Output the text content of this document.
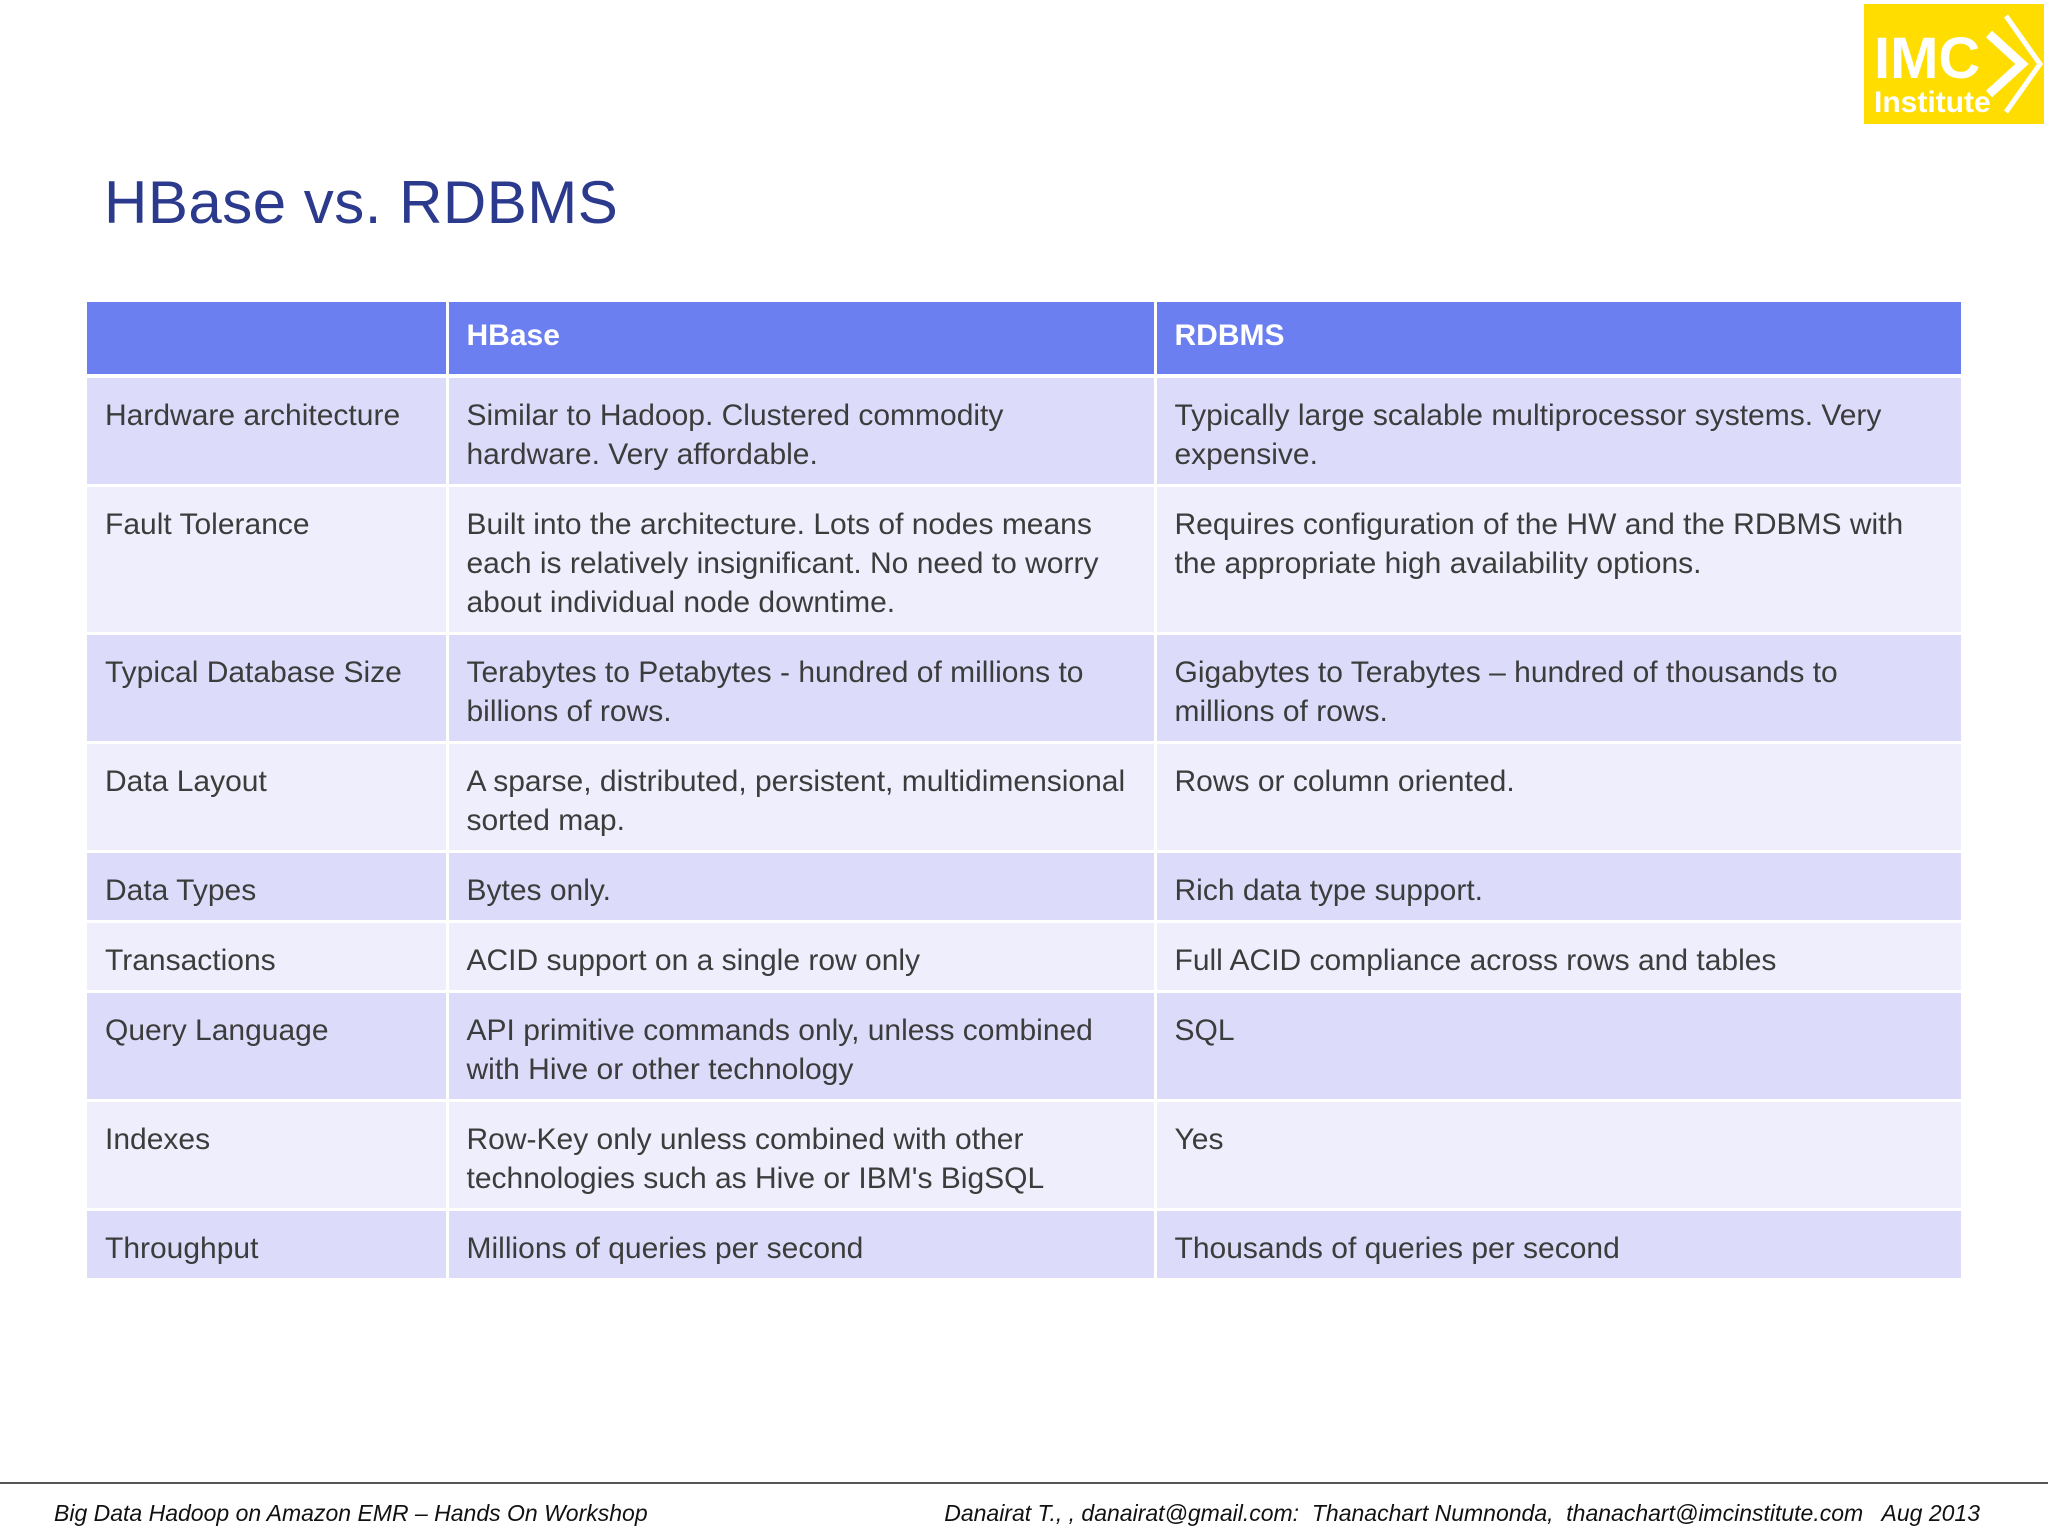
IMC
Institute
HBase vs. RDBMS
	HBase	RDBMS
Hardware architecture	Similar to Hadoop. Clustered commodity hardware. Very affordable.	Typically large scalable multiprocessor systems. Very expensive.
Fault Tolerance	Built into the architecture. Lots of nodes means each is relatively insignificant. No need to worry about individual node downtime.	Requires configuration of the HW and the RDBMS with the appropriate high availability options.
Typical Database Size	Terabytes to Petabytes - hundred of millions to billions of rows.	Gigabytes to Terabytes – hundred of thousands to millions of rows.
Data Layout	A sparse, distributed, persistent, multidimensional sorted map.	Rows or column oriented.
Data Types	Bytes only.	Rich data type support.
Transactions	ACID support on a single row only	Full ACID compliance across rows and tables
Query Language	API primitive commands only, unless combined with Hive or other technology	SQL
Indexes	Row-Key only unless combined with other technologies such as Hive or IBM's BigSQL	Yes
Throughput	Millions of queries per second	Thousands of queries per second
Big Data Hadoop on Amazon EMR – Hands On Workshop	Danairat T., , danairat@gmail.com:  Thanachart Numnonda,  thanachart@imcinstitute.com   Aug 2013
